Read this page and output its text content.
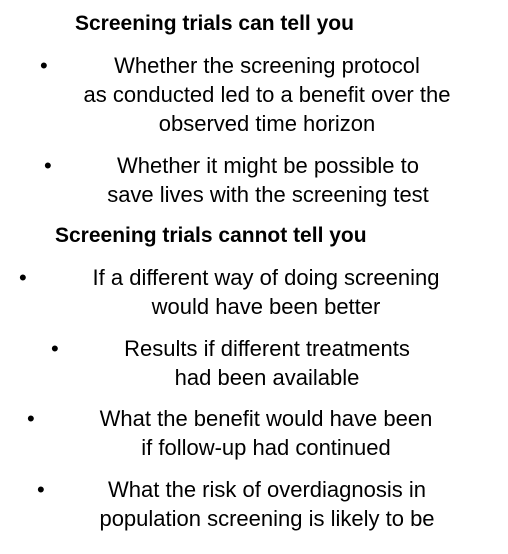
Screening trials can tell you
•	Whether the screening protocol
as conducted led to a benefit over the
observed time horizon
•	Whether it might be possible to
save lives with the screening test
Screening trials cannot tell you
•	If a different way of doing screening
would have been better
•	Results if different treatments
had been available
•	What the benefit would have been
if follow-up had continued
•	What the risk of overdiagnosis in
population screening is likely to be
